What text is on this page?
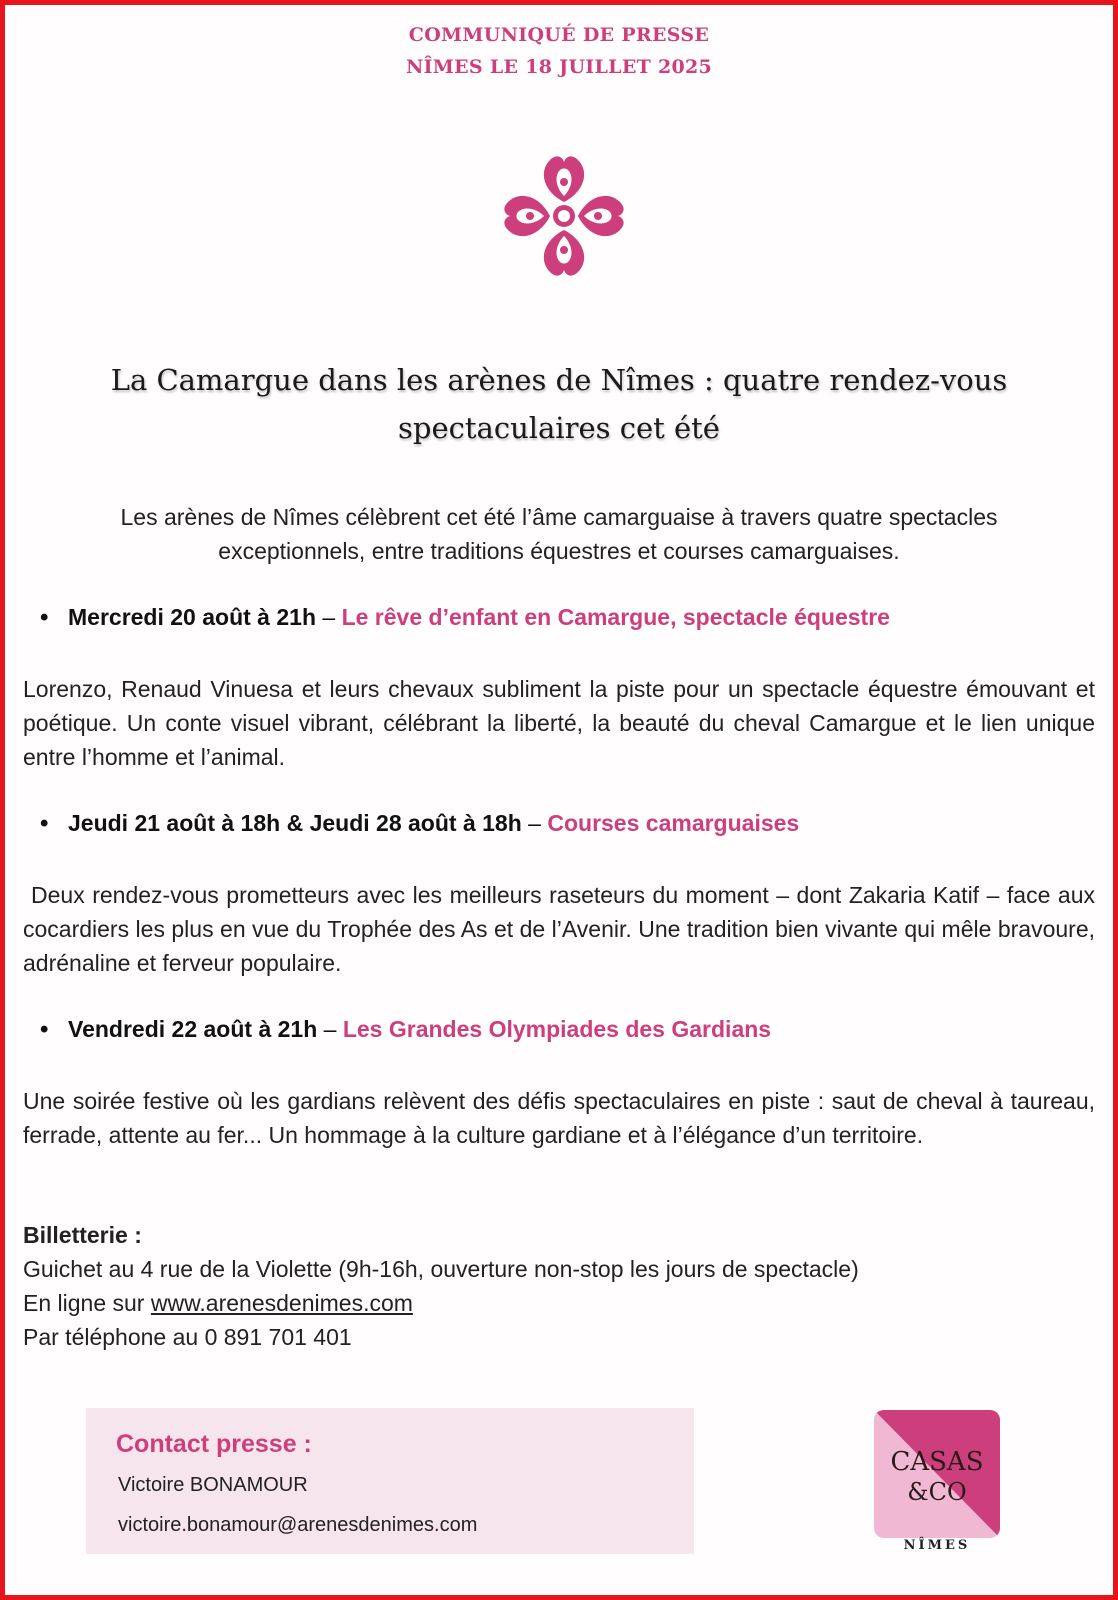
COMMUNIQUÉ DE PRESSE
NÎMES LE 18 JUILLET 2025
La Camargue dans les arènes de Nîmes : quatre rendez-vous spectaculaires cet été
Les arènes de Nîmes célèbrent cet été l’âme camarguaise à travers quatre spectacles exceptionnels, entre traditions équestres et courses camarguaises.
• Mercredi 20 août à 21h – Le rêve d’enfant en Camargue, spectacle équestre
Lorenzo, Renaud Vinuesa et leurs chevaux subliment la piste pour un spectacle équestre émouvant et poétique. Un conte visuel vibrant, célébrant la liberté, la beauté du cheval Camargue et le lien unique entre l’homme et l’animal.
• Jeudi 21 août à 18h & Jeudi 28 août à 18h – Courses camarguaises
Deux rendez-vous prometteurs avec les meilleurs raseteurs du moment – dont Zakaria Katif – face aux cocardiers les plus en vue du Trophée des As et de l’Avenir. Une tradition bien vivante qui mêle bravoure, adrénaline et ferveur populaire.
• Vendredi 22 août à 21h – Les Grandes Olympiades des Gardians
Une soirée festive où les gardians relèvent des défis spectaculaires en piste : saut de cheval à taureau, ferrade, attente au fer... Un hommage à la culture gardiane et à l’élégance d’un territoire.
Billetterie :
Guichet au 4 rue de la Violette (9h-16h, ouverture non-stop les jours de spectacle)
En ligne sur www.arenesdenimes.com
Par téléphone au 0 891 701 401
Contact presse :
Victoire BONAMOUR
victoire.bonamour@arenesdenimes.com
CASAS
&CO
NÎMES
